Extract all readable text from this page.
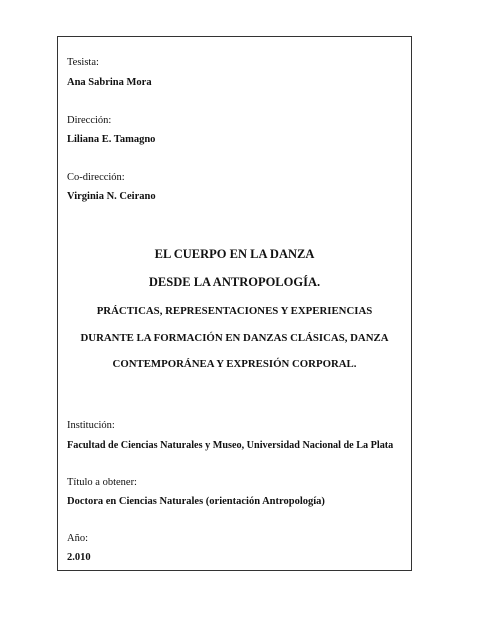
Tesista:
Ana Sabrina Mora
Dirección:
Liliana E. Tamagno
Co-dirección:
Virginia N. Ceirano
EL CUERPO EN LA DANZA
DESDE LA ANTROPOLOGÍA.
PRÁCTICAS, REPRESENTACIONES Y EXPERIENCIAS
DURANTE LA FORMACIÓN EN DANZAS CLÁSICAS, DANZA
CONTEMPORÁNEA Y EXPRESIÓN CORPORAL.
Institución:
Facultad de Ciencias Naturales y Museo, Universidad Nacional de La Plata
Título a obtener:
Doctora en Ciencias Naturales (orientación Antropología)
Año:
2.010
